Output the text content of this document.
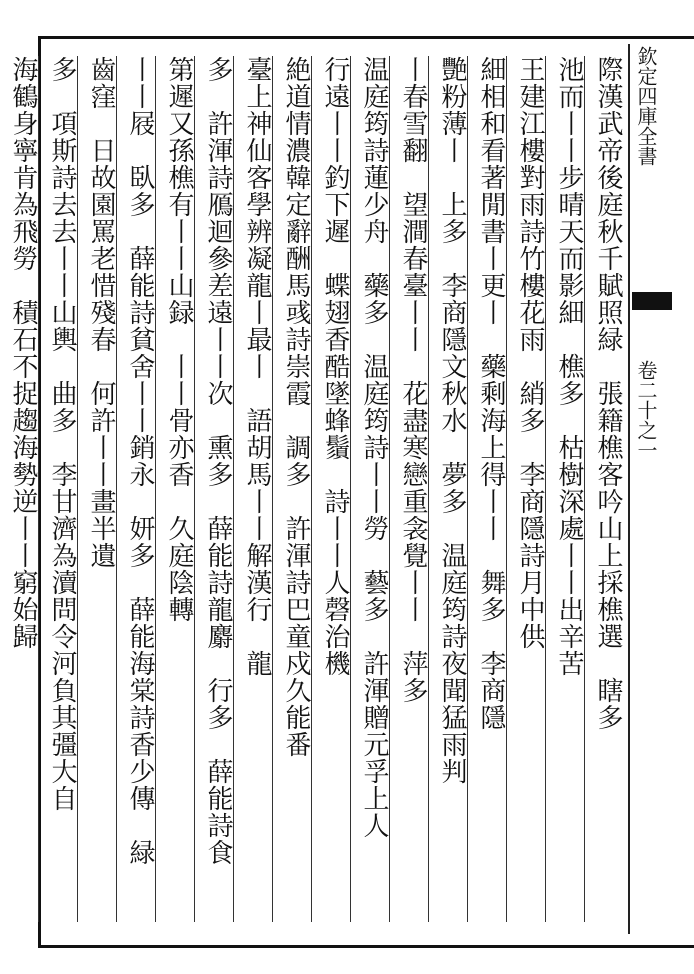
欽定四庫全書
卷二十之一
際漢武帝後庭秋千賦照緑　張籍樵客吟山上採樵選　瞎多
池而丨丨步晴天而影細　樵多　枯樹深處丨丨出辛苦
王建江樓對雨詩竹樓花雨　綃多　李商隱詩月中供
細相和看著閒書丨更丨　藥剩海上得丨丨　舞多　李商隱
艷粉薄丨　上多　李商隱文秋水　夢多　温庭筠詩夜聞猛雨判
丨春雪翻　望澗春臺丨丨　花盡寒戀重衾覺丨丨　萍多
温庭筠詩蓮少舟　藥多　温庭筠詩丨丨勞　藝多　許渾贈元孚上人
行遠丨丨釣下遲　蝶翅香酷墜蜂鬚　詩丨丨人磬治機
絶道情濃韓定辭酬馬彧詩崇霞　調多　許渾詩巴童戍久能番
臺上神仙客學辨凝龍丨最丨　語胡馬丨丨解漢行　龍
多　許渾詩鴈迴參差遠丨丨次　熏多　薛能詩龍麝　行多　薛能詩食
第遲又孫樵有丨丨山録　丨丨骨亦香　久庭陰轉
丨丨屐　臥多　薛能詩貧舍丨丨銷永　妍多　薛能海棠詩香少傳　緑
齒窪　日故園罵老惜殘春　何許丨丨畫半遺
多　項斯詩去去丨丨山輿　曲多　李甘濟為瀆問令河負其彊大自
海鶴身寧肯為飛勞　積石不捉趨海勢逆丨丨窮始歸
